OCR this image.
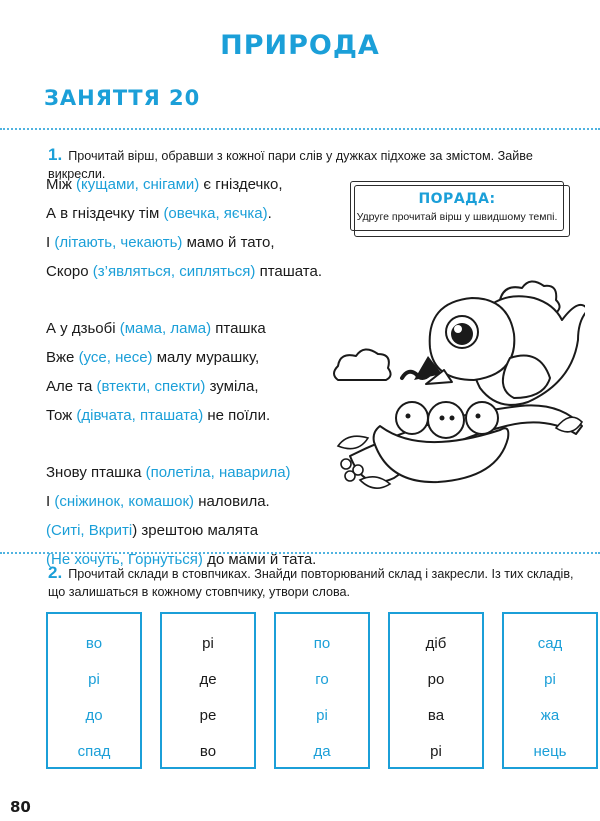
ПРИРОДА
ЗАНЯТТЯ 20
1. Прочитай вірш, обравши з кожної пари слів у дужках підхоже за змістом. Зайве викресли.
Між (кущами, снігами) є гніздечко,
А в гніздечку тім (овечка, яєчка).
І (літають, чекають) мамо й тато,
Скоро (з’являться, сипляться) пташата.
А у дзьобі (мама, лама) пташка
Вже (усе, несе) малу мурашку,
Але та (втекти, спекти) зуміла,
Тож (дівчата, пташата) не поїли.
Знову пташка (полетіла, наварила)
І (сніжинок, комашок) наловила.
(Ситі, Вкриті) зрештою малята
(Не хочуть, Горнуться) до мами й тата.
ПОРАДА:
Удруге прочитай вірш у швидшому темпі.
2. Прочитай склади в стовпчиках. Знайди повторюваний склад і закресли. Із тих складів,
що залишаться в кожному стовпчику, утвори слова.
во
рі
до
спад
рі
де
ре
во
по
го
рі
да
діб
ро
ва
рі
сад
рі
жа
нець
80
